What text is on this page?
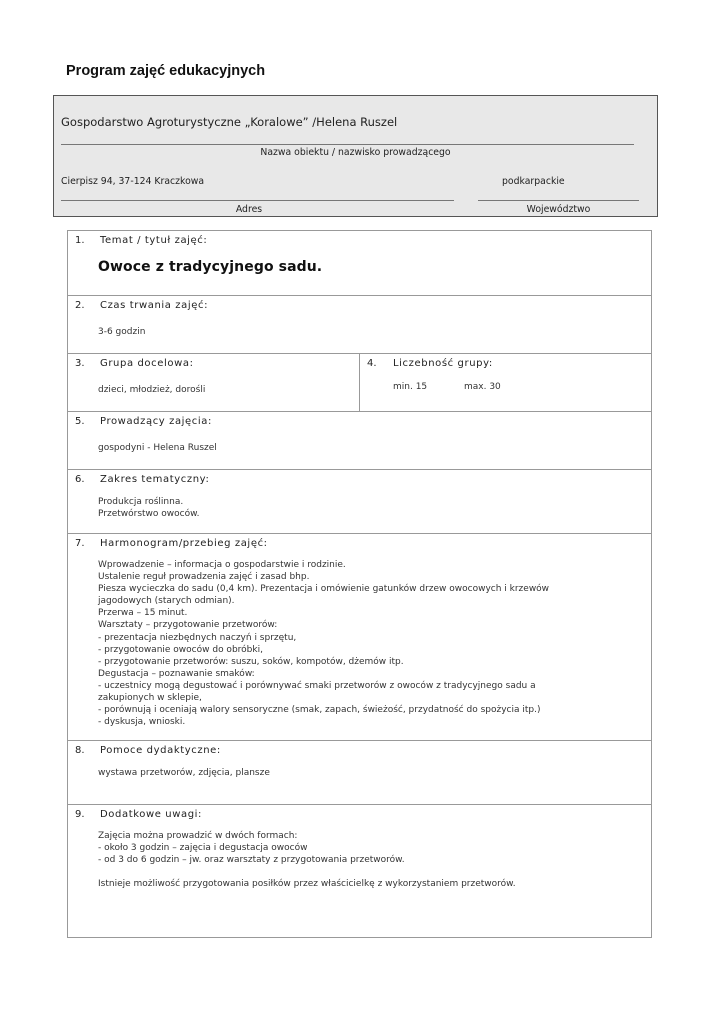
Program zajęć edukacyjnych
Gospodarstwo Agroturystyczne „Koralowe” /Helena Ruszel
Nazwa obiektu / nazwisko prowadzącego
Cierpisz 94, 37-124 Kraczkowa	podkarpackie
Adres	Województwo
1. Temat / tytuł zajęć:
Owoce z tradycyjnego sadu.
2. Czas trwania zajęć:
3-6 godzin
3. Grupa docelowa:
dzieci, młodzież, dorośli
4. Liczebność grupy:
min. 15	max. 30
5. Prowadzący zajęcia:
gospodyni - Helena Ruszel
6. Zakres tematyczny:
Produkcja roślinna.
Przetwórstwo owoców.
7. Harmonogram/przebieg zajęć:
Wprowadzenie – informacja o gospodarstwie i rodzinie.
Ustalenie reguł prowadzenia zajęć i zasad bhp.
Piesza wycieczka do sadu (0,4 km). Prezentacja i omówienie gatunków drzew owocowych i krzewów
jagodowych (starych odmian).
Przerwa – 15 minut.
Warsztaty – przygotowanie przetworów:
- prezentacja niezbędnych naczyń i sprzętu,
- przygotowanie owoców do obróbki,
- przygotowanie przetworów: suszu, soków, kompotów, dżemów itp.
Degustacja – poznawanie smaków:
- uczestnicy mogą degustować i porównywać smaki przetworów z owoców z tradycyjnego sadu a
zakupionych w sklepie,
- porównują i oceniają walory sensoryczne (smak, zapach, świeżość, przydatność do spożycia itp.)
- dyskusja, wnioski.
8. Pomoce dydaktyczne:
wystawa przetworów, zdjęcia, plansze
9. Dodatkowe uwagi:
Zajęcia można prowadzić w dwóch formach:
- około 3 godzin – zajęcia i degustacja owoców
- od 3 do 6 godzin – jw. oraz warsztaty z przygotowania przetworów.

Istnieje możliwość przygotowania posiłków przez właścicielkę z wykorzystaniem przetworów.
